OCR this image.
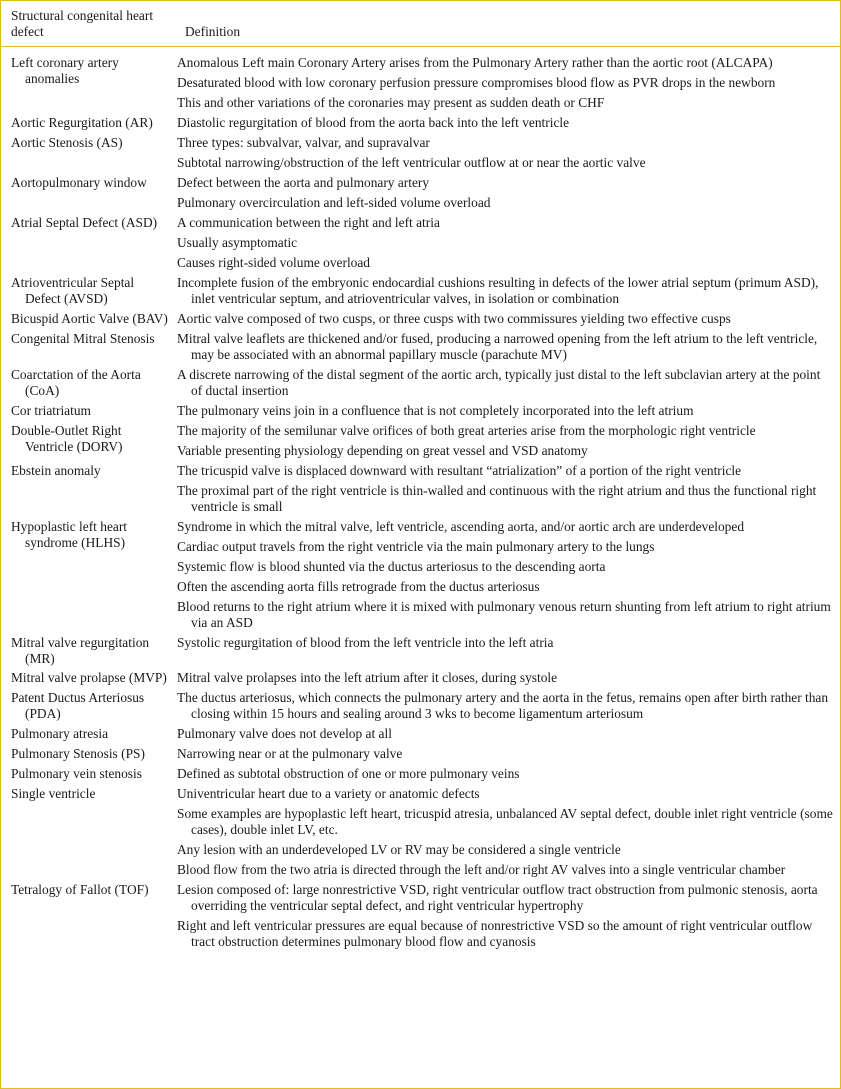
Structural congenital heart defect	Definition

Left coronary artery anomalies	Anomalous Left main Coronary Artery arises from the Pulmonary Artery rather than the aortic root (ALCAPA)
Desaturated blood with low coronary perfusion pressure compromises blood flow as PVR drops in the newborn
This and other variations of the coronaries may present as sudden death or CHF

Aortic Regurgitation (AR)	Diastolic regurgitation of blood from the aorta back into the left ventricle

Aortic Stenosis (AS)	Three types: subvalvar, valvar, and supravalvar
Subtotal narrowing/obstruction of the left ventricular outflow at or near the aortic valve

Aortopulmonary window	Defect between the aorta and pulmonary artery
Pulmonary overcirculation and left-sided volume overload

Atrial Septal Defect (ASD)	A communication between the right and left atria
Usually asymptomatic
Causes right-sided volume overload

Atrioventricular Septal Defect (AVSD)	Incomplete fusion of the embryonic endocardial cushions resulting in defects of the lower atrial septum (primum ASD), inlet ventricular septum, and atrioventricular valves, in isolation or combination

Bicuspid Aortic Valve (BAV)	Aortic valve composed of two cusps, or three cusps with two commissures yielding two effective cusps

Congenital Mitral Stenosis	Mitral valve leaflets are thickened and/or fused, producing a narrowed opening from the left atrium to the left ventricle, may be associated with an abnormal papillary muscle (parachute MV)

Coarctation of the Aorta (CoA)	A discrete narrowing of the distal segment of the aortic arch, typically just distal to the left subclavian artery at the point of ductal insertion

Cor triatriatum	The pulmonary veins join in a confluence that is not completely incorporated into the left atrium

Double-Outlet Right Ventricle (DORV)	The majority of the semilunar valve orifices of both great arteries arise from the morphologic right ventricle
Variable presenting physiology depending on great vessel and VSD anatomy

Ebstein anomaly	The tricuspid valve is displaced downward with resultant “atrialization” of a portion of the right ventricle
The proximal part of the right ventricle is thin-walled and continuous with the right atrium and thus the functional right ventricle is small

Hypoplastic left heart syndrome (HLHS)	Syndrome in which the mitral valve, left ventricle, ascending aorta, and/or aortic arch are underdeveloped
Cardiac output travels from the right ventricle via the main pulmonary artery to the lungs
Systemic flow is blood shunted via the ductus arteriosus to the descending aorta
Often the ascending aorta fills retrograde from the ductus arteriosus
Blood returns to the right atrium where it is mixed with pulmonary venous return shunting from left atrium to right atrium via an ASD

Mitral valve regurgitation (MR)	Systolic regurgitation of blood from the left ventricle into the left atria

Mitral valve prolapse (MVP)	Mitral valve prolapses into the left atrium after it closes, during systole

Patent Ductus Arteriosus (PDA)	The ductus arteriosus, which connects the pulmonary artery and the aorta in the fetus, remains open after birth rather than closing within 15 hours and sealing around 3 wks to become ligamentum arteriosum

Pulmonary atresia	Pulmonary valve does not develop at all

Pulmonary Stenosis (PS)	Narrowing near or at the pulmonary valve

Pulmonary vein stenosis	Defined as subtotal obstruction of one or more pulmonary veins

Single ventricle	Univentricular heart due to a variety or anatomic defects
Some examples are hypoplastic left heart, tricuspid atresia, unbalanced AV septal defect, double inlet right ventricle (some cases), double inlet LV, etc.
Any lesion with an underdeveloped LV or RV may be considered a single ventricle
Blood flow from the two atria is directed through the left and/or right AV valves into a single ventricular chamber

Tetralogy of Fallot (TOF)	Lesion composed of: large nonrestrictive VSD, right ventricular outflow tract obstruction from pulmonic stenosis, aorta overriding the ventricular septal defect, and right ventricular hypertrophy
Right and left ventricular pressures are equal because of nonrestrictive VSD so the amount of right ventricular outflow tract obstruction determines pulmonary blood flow and cyanosis
